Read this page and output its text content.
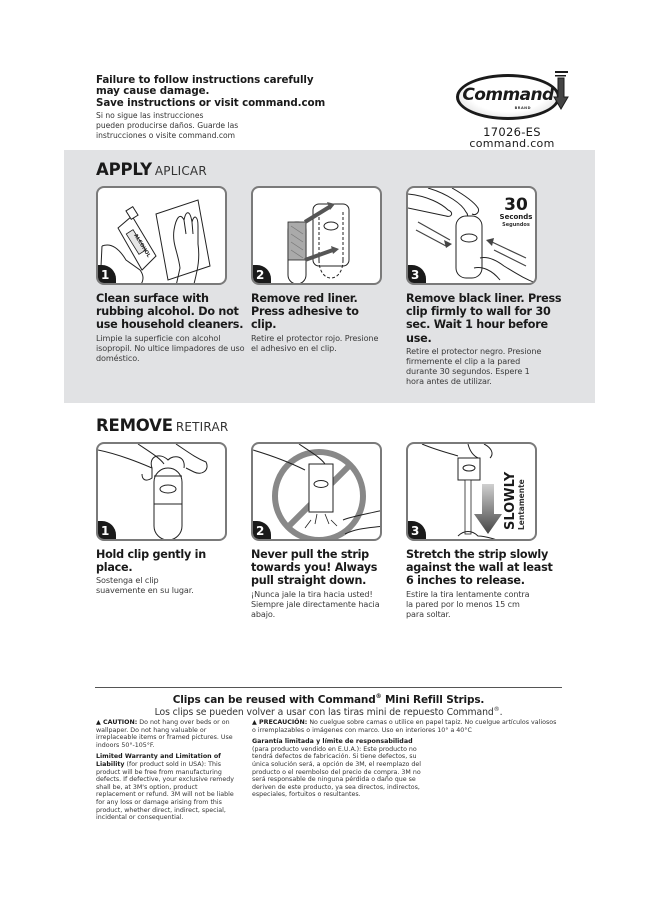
Failure to follow instructions carefully
may cause damage.
Save instructions or visit command.com
Si no sigue las instrucciones
pueden producirse daños. Guarde las
instrucciones o visite command.com
Command
BRAND
17026-ES
command.com
APPLY APLICAR
ALCOHOL
1	2
30
Seconds
Segundos
3
Clean surface with rubbing alcohol. Do not use household cleaners.
Limpie la superficie con alcohol isopropil. No ultice limpadores de uso doméstico.
Remove red liner. Press adhesive to clip.
Retire el protector rojo. Presione el adhesivo en el clip.
Remove black liner. Press clip firmly to wall for 30 sec. Wait 1 hour before use.
Retire el protector negro. Presione firmemente el clip a la pared durante 30 segundos. Espere 1 hora antes de utilizar.
REMOVE RETIRAR
1	2
SLOWLY Lentamente
3
Hold clip gently in place.
Sostenga el clip suavemente en su lugar.
Never pull the strip towards you! Always pull straight down.
¡Nunca jale la tira hacia usted! Siempre jale directamente hacia abajo.
Stretch the strip slowly against the wall at least 6 inches to release.
Estire la tira lentamente contra la pared por lo menos 15 cm para soltar.
Clips can be reused with Command® Mini Refill Strips.
Los clips se pueden volver a usar con las tiras mini de repuesto Command®.

▲ CAUTION: Do not hang over beds or on wallpaper. Do not hang valuable or irreplaceable items or framed pictures. Use indoors 50°-105°F.

Limited Warranty and Limitation of Liability (for product sold in USA): This product will be free from manufacturing defects. If defective, your exclusive remedy shall be, at 3M's option, product replacement or refund. 3M will not be liable for any loss or damage arising from this product, whether direct, indirect, special, incidental or consequential.

▲ PRECAUCIÓN: No cuelgue sobre camas o utilice en papel tapiz. No cuelgue artículos valiosos o irremplazables o imágenes con marco. Uso en interiores 10° a 40°C

Garantía limitada y límite de responsabilidad (para producto vendido en E.U.A.): Este producto no tendrá defectos de fabricación. Si tiene defectos, su única solución será, a opción de 3M, el reemplazo del producto o el reembolso del precio de compra. 3M no será responsable de ninguna pérdida o daño que se deriven de este producto, ya sea directos, indirectos, especiales, fortuitos o resultantes.
